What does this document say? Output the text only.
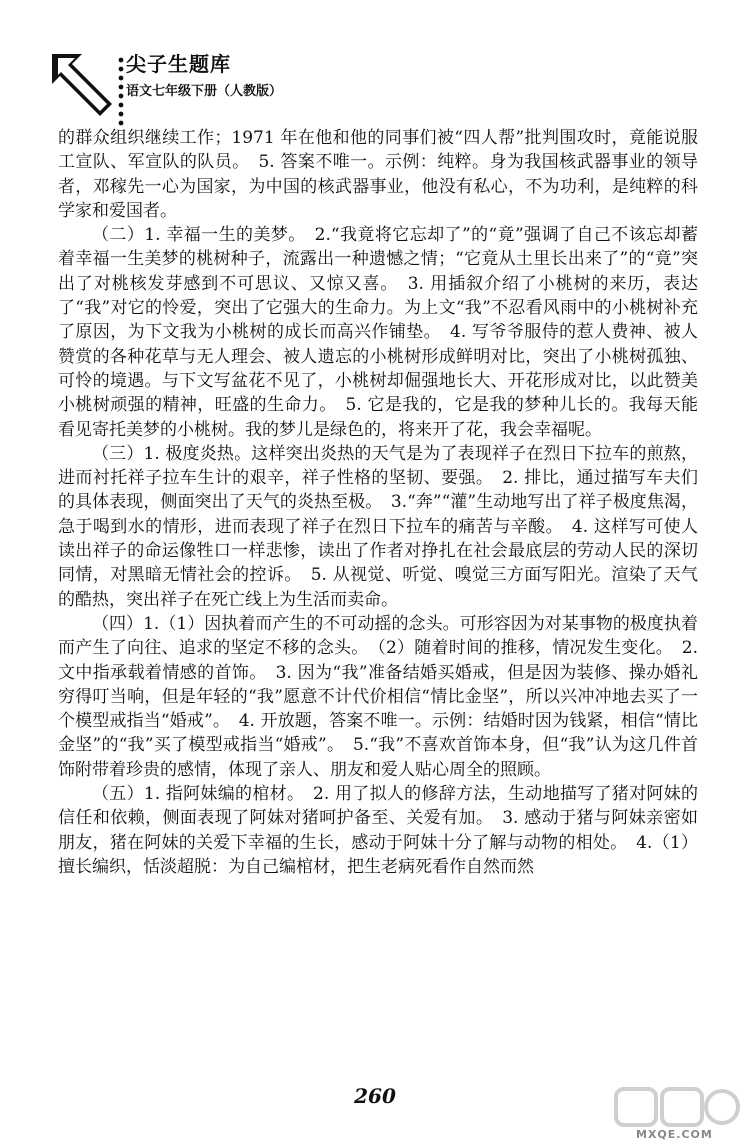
尖子生题库
语文七年级下册（人教版）

的群众组织继续工作；1971 年在他和他的同事们被“四人帮”批判围攻时，竟能说服工宣队、军宣队的队员。　5. 答案不唯一。示例：纯粹。身为我国核武器事业的领导者，邓稼先一心为国家，为中国的核武器事业，他没有私心，不为功利，是纯粹的科学家和爱国者。

（二）1. 幸福一生的美梦。　2.“我竟将它忘却了”的“竟”强调了自己不该忘却蓄着幸福一生美梦的桃树种子，流露出一种遗憾之情；“它竟从土里长出来了”的“竟”突出了对桃核发芽感到不可思议、又惊又喜。　3. 用插叙介绍了小桃树的来历，表达了“我”对它的怜爱，突出了它强大的生命力。为上文“我”不忍看风雨中的小桃树补充了原因，为下文我为小桃树的成长而高兴作铺垫。　4. 写爷爷服侍的惹人费神、被人赞赏的各种花草与无人理会、被人遗忘的小桃树形成鲜明对比，突出了小桃树孤独、可怜的境遇。与下文写盆花不见了，小桃树却倔强地长大、开花形成对比，以此赞美小桃树顽强的精神，旺盛的生命力。　5. 它是我的，它是我的梦种儿长的。我每天能看见寄托美梦的小桃树。我的梦儿是绿色的，将来开了花，我会幸福呢。

（三）1. 极度炎热。这样突出炎热的天气是为了表现祥子在烈日下拉车的煎熬，进而衬托祥子拉车生计的艰辛，祥子性格的坚韧、要强。　2. 排比，通过描写车夫们的具体表现，侧面突出了天气的炎热至极。　3.“奔”“灌”生动地写出了祥子极度焦渴，急于喝到水的情形，进而表现了祥子在烈日下拉车的痛苦与辛酸。　4. 这样写可使人读出祥子的命运像牲口一样悲惨，读出了作者对挣扎在社会最底层的劳动人民的深切同情，对黑暗无情社会的控诉。　5. 从视觉、听觉、嗅觉三方面写阳光。渲染了天气的酷热，突出祥子在死亡线上为生活而卖命。

（四）1.（1）因执着而产生的不可动摇的念头。可形容因为对某事物的极度执着而产生了向往、追求的坚定不移的念头。　（2）随着时间的推移，情况发生变化。　2. 文中指承载着情感的首饰。　3. 因为“我”准备结婚买婚戒，但是因为装修、操办婚礼穷得叮当响，但是年轻的“我”愿意不计代价相信“情比金坚”，所以兴冲冲地去买了一个模型戒指当“婚戒”。　4. 开放题，答案不唯一。示例：结婚时因为钱紧，相信“情比金坚”的“我”买了模型戒指当“婚戒”。　5.“我”不喜欢首饰本身，但“我”认为这几件首饰附带着珍贵的感情，体现了亲人、朋友和爱人贴心周全的照顾。

（五）1. 指阿妹编的棺材。　2. 用了拟人的修辞方法，生动地描写了猪对阿妹的信任和依赖，侧面表现了阿妹对猪呵护备至、关爱有加。　3. 感动于猪与阿妹亲密如朋友，猪在阿妹的关爱下幸福的生长，感动于阿妹十分了解与动物的相处。　4.（1）擅长编织，恬淡超脱：为自己编棺材，把生老病死看作自然而然

260
MXQE.COM
